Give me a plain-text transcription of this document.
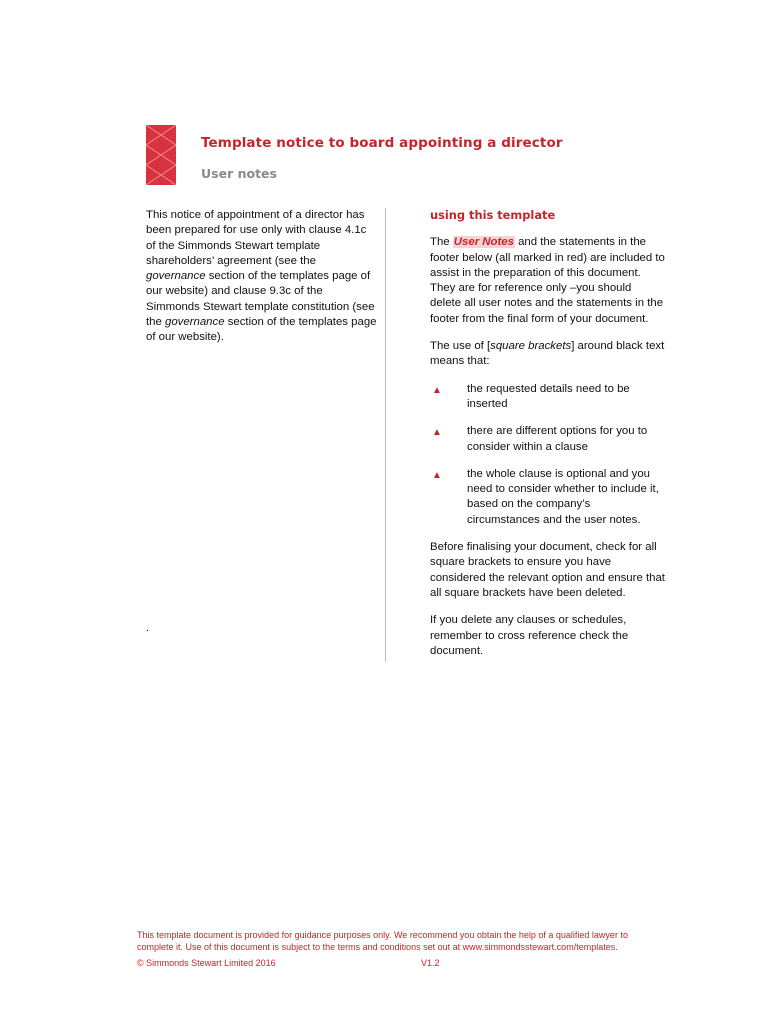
Template notice to board appointing a director
User notes

This notice of appointment of a director has been prepared for use only with clause 4.1c of the Simmonds Stewart template shareholders’ agreement (see the governance section of the templates page of our website) and clause 9.3c of the Simmonds Stewart template constitution (see the governance section of the templates page of our website).

.

using this template

The User Notes and the statements in the footer below (all marked in red) are included to assist in the preparation of this document. They are for reference only –you should delete all user notes and the statements in the footer from the final form of your document.

The use of [square brackets] around black text means that:

▲ the requested details need to be inserted
▲ there are different options for you to consider within a clause
▲ the whole clause is optional and you need to consider whether to include it, based on the company’s circumstances and the user notes.

Before finalising your document, check for all square brackets to ensure you have considered the relevant option and ensure that all square brackets have been deleted.

If you delete any clauses or schedules, remember to cross reference check the document.

This template document is provided for guidance purposes only. We recommend you obtain the help of a qualified lawyer to complete it. Use of this document is subject to the terms and conditions set out at www.simmondsstewart.com/templates.
© Simmonds Stewart Limited 2016	V1.2
